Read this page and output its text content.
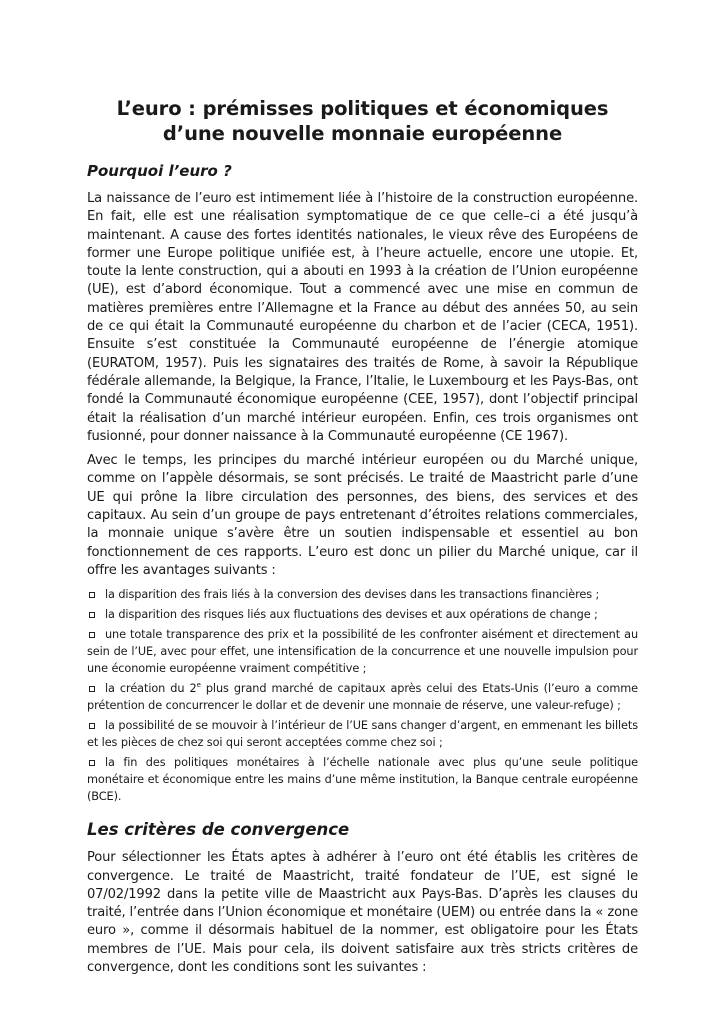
L’euro : prémisses politiques et économiques
d’une nouvelle monnaie européenne
Pourquoi l’euro ?

La naissance de l’euro est intimement liée à l’histoire de la construction européenne. En fait, elle est une réalisation symptomatique de ce que celle–ci a été jusqu’à maintenant. A cause des fortes identités nationales, le vieux rêve des Européens de former une Europe politique unifiée est, à l’heure actuelle, encore une utopie. Et, toute la lente construction, qui a abouti en 1993 à la création de l’Union européenne (UE), est d’abord économique. Tout a commencé avec une mise en commun de matières premières entre l’Allemagne et la France au début des années 50, au sein de ce qui était la Communauté européenne du charbon et de l’acier (CECA, 1951). Ensuite s’est constituée la Communauté européenne de l’énergie atomique (EURATOM, 1957). Puis les signataires des traités de Rome, à savoir la République fédérale allemande, la Belgique, la France, l’Italie, le Luxembourg et les Pays-Bas, ont fondé la Communauté économique européenne (CEE, 1957), dont l’objectif principal était la réalisation d’un marché intérieur européen. Enfin, ces trois organismes ont fusionné, pour donner naissance à la Communauté européenne (CE 1967).

Avec le temps, les principes du marché intérieur européen ou du Marché unique, comme on l’appèle désormais, se sont précisés. Le traité de Maastricht parle d’une UE qui prône la libre circulation des personnes, des biens, des services et des capitaux. Au sein d’un groupe de pays entretenant d’étroites relations commerciales, la monnaie unique s’avère être un soutien indispensable et essentiel au bon fonctionnement de ces rapports. L’euro est donc un pilier du Marché unique, car il offre les avantages suivants :

la disparition des frais liés à la conversion des devises dans les transactions financières ;
la disparition des risques liés aux fluctuations des devises et aux opérations de change ;
une totale transparence des prix et la possibilité de les confronter aisément et directement au sein de l’UE, avec pour effet, une intensification de la concurrence et une nouvelle impulsion pour une économie européenne vraiment compétitive ;
la création du 2e plus grand marché de capitaux après celui des Etats-Unis (l’euro a comme prétention de concurrencer le dollar et de devenir une monnaie de réserve, une valeur-refuge) ;
la possibilité de se mouvoir à l’intérieur de l’UE sans changer d’argent, en emmenant les billets et les pièces de chez soi qui seront acceptées comme chez soi ;
la fin des politiques monétaires à l’échelle nationale avec plus qu’une seule politique monétaire et économique entre les mains d’une même institution, la Banque centrale européenne (BCE).
Les critères de convergence

Pour sélectionner les États aptes à adhérer à l’euro ont été établis les critères de convergence. Le traité de Maastricht, traité fondateur de l’UE, est signé le 07/02/1992 dans la petite ville de Maastricht aux Pays-Bas. D’après les clauses du traité, l’entrée dans l’Union économique et monétaire (UEM) ou entrée dans la « zone euro », comme il désormais habituel de la nommer, est obligatoire pour les États membres de l’UE. Mais pour cela, ils doivent satisfaire aux très stricts critères de convergence, dont les conditions sont les suivantes :
